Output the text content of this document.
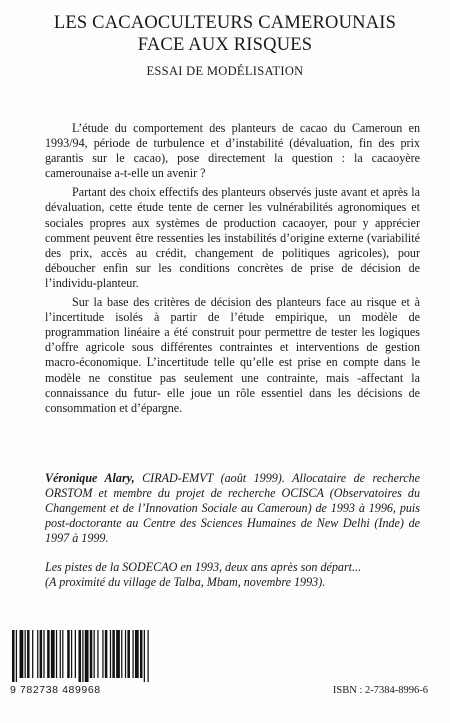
LES CACAOCULTEURS CAMEROUNAIS
FACE AUX RISQUES
ESSAI DE MODÉLISATION

L’étude du comportement des planteurs de cacao du Cameroun en 1993/94, période de turbulence et d’instabilité (dévaluation, fin des prix garantis sur le cacao), pose directement la question : la cacaoyère camerounaise a-t-elle un avenir ?

Partant des choix effectifs des planteurs observés juste avant et après la dévaluation, cette étude tente de cerner les vulnérabilités agronomiques et sociales propres aux systèmes de production cacaoyer, pour y apprécier comment peuvent être ressenties les instabilités d’origine externe (variabilité des prix, accès au crédit, changement de politiques agricoles), pour déboucher enfin sur les conditions concrètes de prise de décision de l’individu-planteur.

Sur la base des critères de décision des planteurs face au risque et à l’incertitude isolés à partir de l’étude empirique, un modèle de programmation linéaire a été construit pour permettre de tester les logiques d’offre agricole sous différentes contraintes et interventions de gestion macro-économique. L’incertitude telle qu’elle est prise en compte dans le modèle ne constitue pas seulement une contrainte, mais -affectant la connaissance du futur- elle joue un rôle essentiel dans les décisions de consommation et d’épargne.

Véronique Alary, CIRAD-EMVT (août 1999). Allocataire de recherche ORSTOM et membre du projet de recherche OCISCA (Observatoires du Changement et de l’Innovation Sociale au Cameroun) de 1993 à 1996, puis post-doctorante au Centre des Sciences Humaines de New Delhi (Inde) de 1997 à 1999.
Les pistes de la SODECAO en 1993, deux ans après son départ...
(A proximité du village de Talba, Mbam, novembre 1993).
9 782738 489968	ISBN : 2-7384-8996-6
